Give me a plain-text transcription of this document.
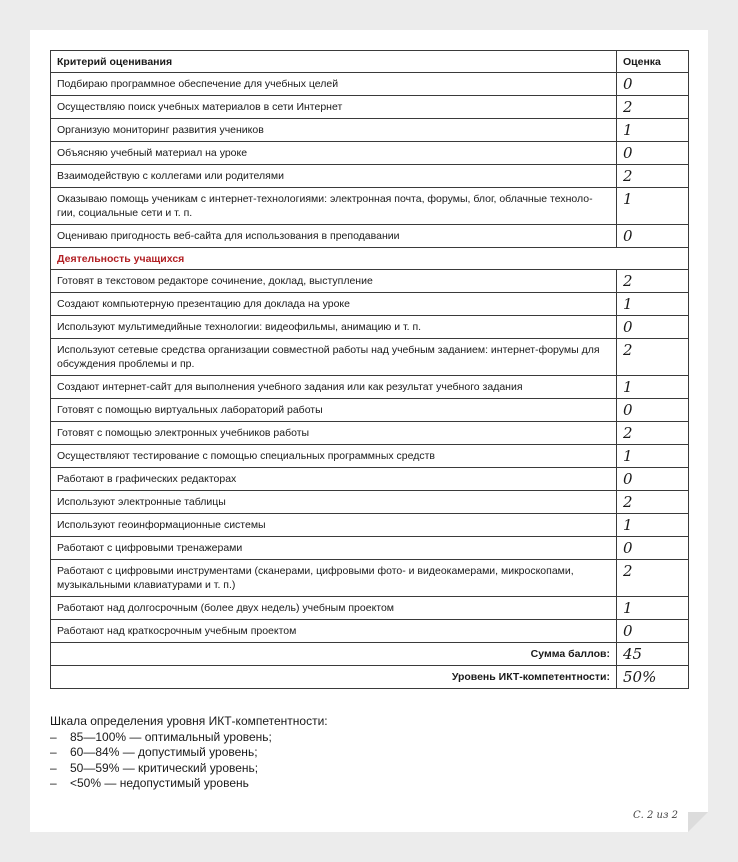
Критерий оценивания	Оценка
Подбираю программное обеспечение для учебных целей	0
Осуществляю поиск учебных материалов в сети Интернет	2
Организую мониторинг развития учеников	1
Объясняю учебный материал на уроке	0
Взаимодействую с коллегами или родителями	2
Оказываю помощь ученикам с интернет-технологиями: электронная почта, форумы, блог, облачные техноло-гии, социальные сети и т. п.	1
Оцениваю пригодность веб-сайта для использования в преподавании	0
Деятельность учащихся	
Готовят в текстовом редакторе сочинение, доклад, выступление	2
Создают компьютерную презентацию для доклада на уроке	1
Используют мультимедийные технологии: видеофильмы, анимацию и т. п.	0
Используют сетевые средства организации совместной работы над учебным заданием: интернет-форумы для обсуждения проблемы и пр.	2
Создают интернет-сайт для выполнения учебного задания или как результат учебного задания	1
Готовят с помощью виртуальных лабораторий работы	0
Готовят с помощью электронных учебников работы	2
Осуществляют тестирование с помощью специальных программных средств	1
Работают в графических редакторах	0
Используют электронные таблицы	2
Используют геоинформационные системы	1
Работают с цифровыми тренажерами	0
Работают с цифровыми инструментами (сканерами, цифровыми фото- и видеокамерами, микроскопами, музыкальными клавиатурами и т. п.)	2
Работают над долгосрочным (более двух недель) учебным проектом	1
Работают над краткосрочным учебным проектом	0
Сумма баллов:	45
Уровень ИКТ-компетентности:	50%
Шкала определения уровня ИКТ-компетентности:
–	85—100% — оптимальный уровень;
–	60—84% — допустимый уровень;
–	50—59% — критический уровень;
–	<50% — недопустимый уровень
С. 2 из 2
